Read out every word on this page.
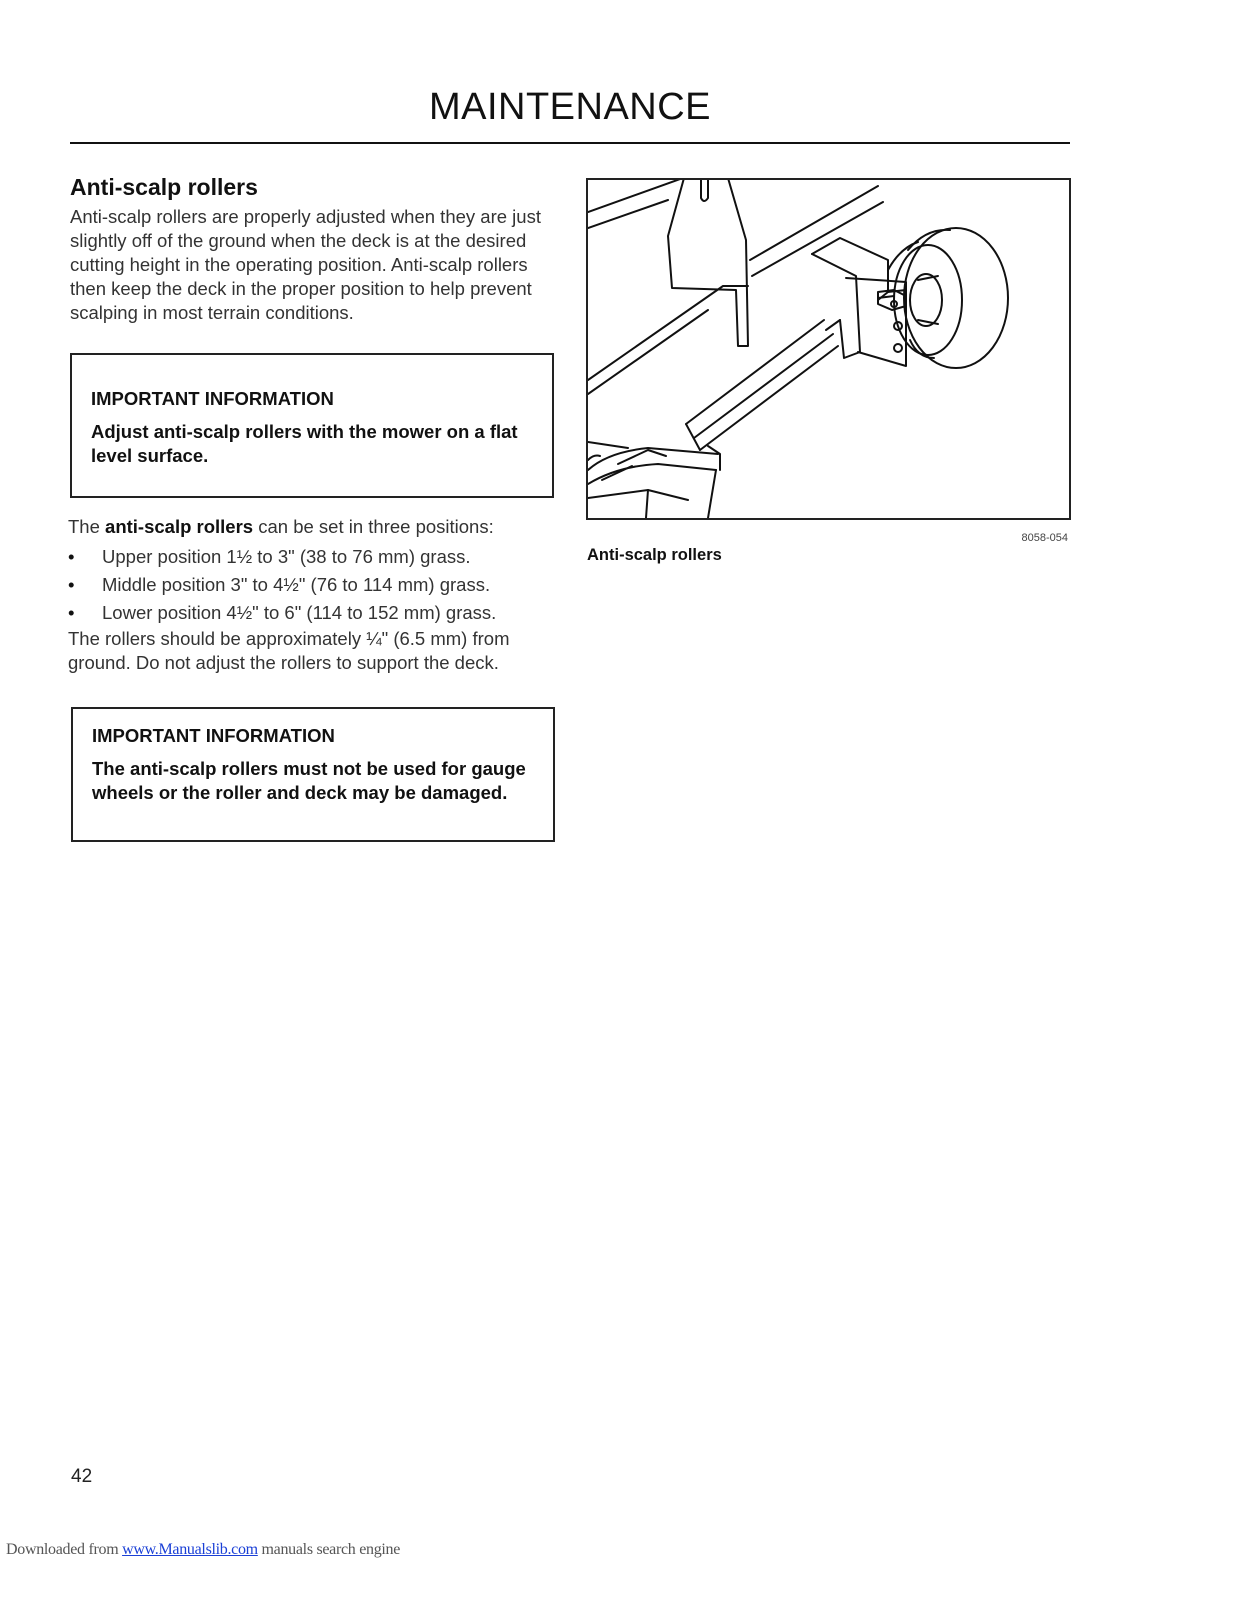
MAINTENANCE
Anti-scalp rollers

Anti-scalp rollers are properly adjusted when they are just slightly off of the ground when the deck is at the desired cutting height in the operating position. Anti-scalp rollers then keep the deck in the proper position to help prevent scalping in most terrain conditions.

IMPORTANT INFORMATION

Adjust anti-scalp rollers with the mower on a flat level surface.

The anti-scalp rollers can be set in three positions:

• Upper position 1½ to 3" (38 to 76 mm) grass.
• Middle position 3" to 4½" (76 to 114 mm) grass.
• Lower position 4½" to 6" (114 to 152 mm) grass.

The rollers should be approximately ¼" (6.5 mm) from ground. Do not adjust the rollers to support the deck.

IMPORTANT INFORMATION

The anti-scalp rollers must not be used for gauge wheels or the roller and deck may be damaged.

8058-054
Anti-scalp rollers
42
Downloaded from www.Manualslib.com manuals search engine
